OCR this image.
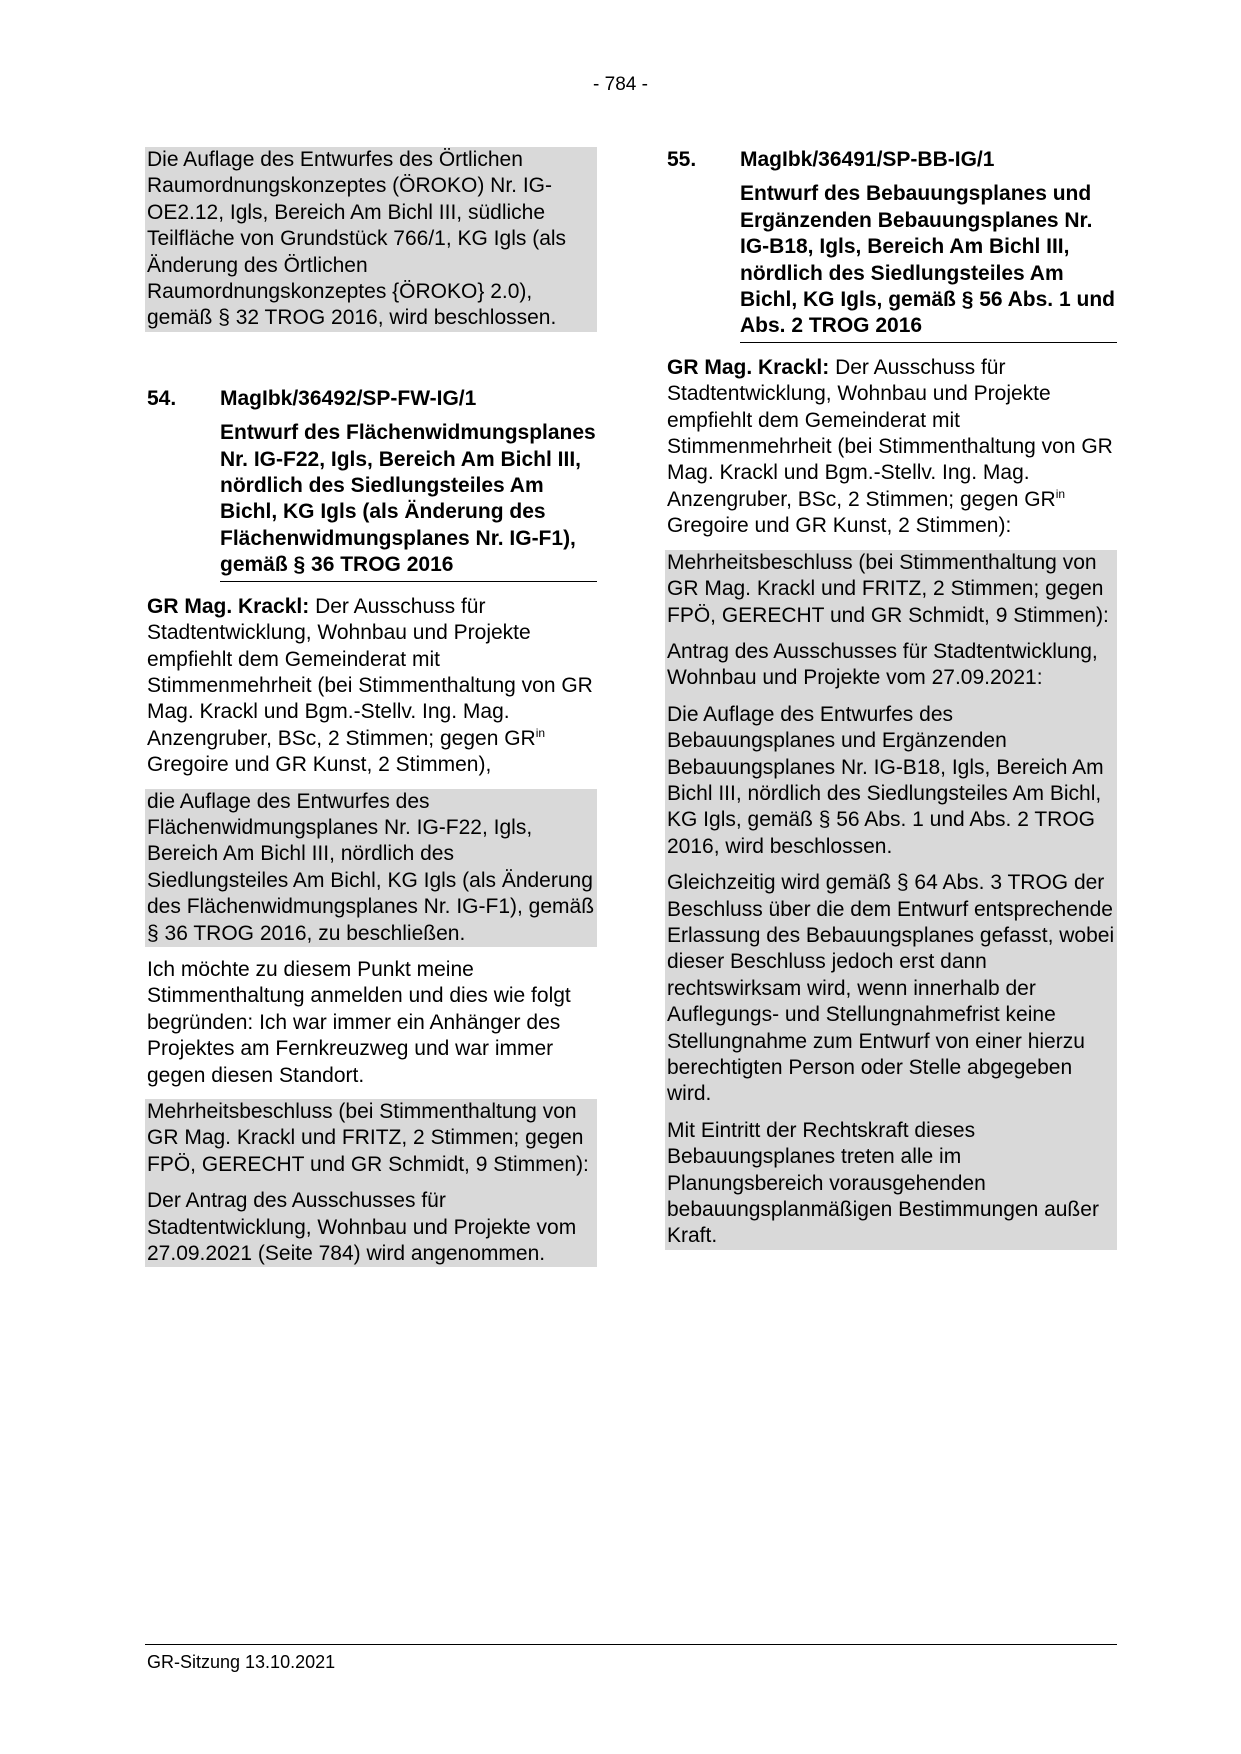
- 784 -
Die Auflage des Entwurfes des Örtlichen Raumordnungskonzeptes (ÖROKO) Nr. IG-OE2.12, Igls, Bereich Am Bichl III, südliche Teilfläche von Grundstück 766/1, KG Igls (als Änderung des Örtlichen Raumordnungskonzeptes {ÖROKO} 2.0), gemäß § 32 TROG 2016, wird beschlossen.
54.	MagIbk/36492/SP-FW-IG/1
Entwurf des Flächenwidmungsplanes Nr. IG-F22, Igls, Bereich Am Bichl III, nördlich des Siedlungsteiles Am Bichl, KG Igls (als Änderung des Flächenwidmungsplanes Nr. IG-F1), gemäß § 36 TROG 2016
GR Mag. Krackl: Der Ausschuss für Stadtentwicklung, Wohnbau und Projekte empfiehlt dem Gemeinderat mit Stimmenmehrheit (bei Stimmenthaltung von GR Mag. Krackl und Bgm.-Stellv. Ing. Mag. Anzengruber, BSc, 2 Stimmen; gegen $GR^{in}$ Gregoire und GR Kunst, 2 Stimmen),
die Auflage des Entwurfes des Flächenwidmungsplanes Nr. IG-F22, Igls, Bereich Am Bichl III, nördlich des Siedlungsteiles Am Bichl, KG Igls (als Änderung des Flächenwidmungsplanes Nr. IG-F1), gemäß § 36 TROG 2016, zu beschließen.
Ich möchte zu diesem Punkt meine Stimmenthaltung anmelden und dies wie folgt begründen: Ich war immer ein Anhänger des Projektes am Fernkreuzweg und war immer gegen diesen Standort.
Mehrheitsbeschluss (bei Stimmenthaltung von GR Mag. Krackl und FRITZ, 2 Stimmen; gegen FPÖ, GERECHT und GR Schmidt, 9 Stimmen):
Der Antrag des Ausschusses für Stadtentwicklung, Wohnbau und Projekte vom 27.09.2021 (Seite 784) wird angenommen.
55.	MagIbk/36491/SP-BB-IG/1
Entwurf des Bebauungsplanes und Ergänzenden Bebauungsplanes Nr. IG-B18, Igls, Bereich Am Bichl III, nördlich des Siedlungsteiles Am Bichl, KG Igls, gemäß § 56 Abs. 1 und Abs. 2 TROG 2016
GR Mag. Krackl: Der Ausschuss für Stadtentwicklung, Wohnbau und Projekte empfiehlt dem Gemeinderat mit Stimmenmehrheit (bei Stimmenthaltung von GR Mag. Krackl und Bgm.-Stellv. Ing. Mag. Anzengruber, BSc, 2 Stimmen; gegen $GR^{in}$ Gregoire und GR Kunst, 2 Stimmen):
Mehrheitsbeschluss (bei Stimmenthaltung von GR Mag. Krackl und FRITZ, 2 Stimmen; gegen FPÖ, GERECHT und GR Schmidt, 9 Stimmen):
Antrag des Ausschusses für Stadtentwicklung, Wohnbau und Projekte vom 27.09.2021:
Die Auflage des Entwurfes des Bebauungsplanes und Ergänzenden Bebauungsplanes Nr. IG-B18, Igls, Bereich Am Bichl III, nördlich des Siedlungsteiles Am Bichl, KG Igls, gemäß § 56 Abs. 1 und Abs. 2 TROG 2016, wird beschlossen.
Gleichzeitig wird gemäß § 64 Abs. 3 TROG der Beschluss über die dem Entwurf entsprechende Erlassung des Bebauungsplanes gefasst, wobei dieser Beschluss jedoch erst dann rechtswirksam wird, wenn innerhalb der Auflegungs- und Stellungnahmefrist keine Stellungnahme zum Entwurf von einer hierzu berechtigten Person oder Stelle abgegeben wird.
Mit Eintritt der Rechtskraft dieses Bebauungsplanes treten alle im Planungsbereich vorausgehenden bebauungsplanmäßigen Bestimmungen außer Kraft.
GR-Sitzung 13.10.2021
